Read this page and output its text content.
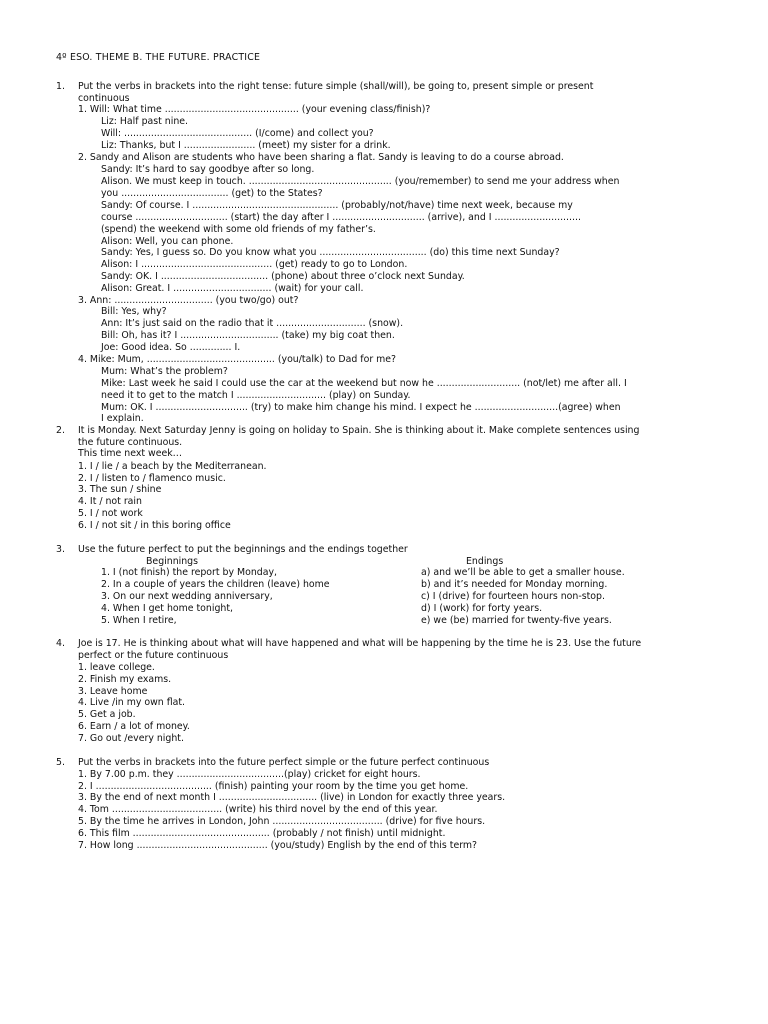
4º ESO. THEME B. THE FUTURE. PRACTICE
1. Put the verbs in brackets into the right tense: future simple (shall/will), be going to, present simple or present
continuous
1. Will: What time ............................................. (your evening class/finish)?
Liz: Half past nine.
Will: ........................................... (I/come) and collect you?
Liz: Thanks, but I ........................ (meet) my sister for a drink.
2. Sandy and Alison are students who have been sharing a flat. Sandy is leaving to do a course abroad.
Sandy: It’s hard to say goodbye after so long.
Alison. We must keep in touch. ................................................ (you/remember) to send me your address when
you .................................... (get) to the States?
Sandy: Of course. I ................................................. (probably/not/have) time next week, because my
course ............................... (start) the day after I ............................... (arrive), and I .............................
(spend) the weekend with some old friends of my father’s.
Alison: Well, you can phone.
Sandy: Yes, I guess so. Do you know what you .................................... (do) this time next Sunday?
Alison: I ............................................ (get) ready to go to London.
Sandy: OK. I .................................... (phone) about three o’clock next Sunday.
Alison: Great. I ................................. (wait) for your call.
3. Ann: ................................. (you two/go) out?
Bill: Yes, why?
Ann: It’s just said on the radio that it .............................. (snow).
Bill: Oh, has it? I ................................. (take) my big coat then.
Joe: Good idea. So .............. I.
4. Mike: Mum, ........................................... (you/talk) to Dad for me?
Mum: What’s the problem?
Mike: Last week he said I could use the car at the weekend but now he ............................ (not/let) me after all. I
need it to get to the match I .............................. (play) on Sunday.
Mum: OK. I ............................... (try) to make him change his mind. I expect he ............................(agree) when
I explain.
2. It is Monday. Next Saturday Jenny is going on holiday to Spain. She is thinking about it. Make complete sentences using
the future continuous.
This time next week…
1. I / lie / a beach by the Mediterranean.
2. I / listen to / flamenco music.
3. The sun / shine
4. It / not rain
5. I / not work
6. I / not sit / in this boring office
3. Use the future perfect to put the beginnings and the endings together
Beginnings
1. I (not finish) the report by Monday,
2. In a couple of years the children (leave) home
3. On our next wedding anniversary,
4. When I get home tonight,
5. When I retire,
Endings
a) and we’ll be able to get a smaller house.
b) and it’s needed for Monday morning.
c) I (drive) for fourteen hours non-stop.
d) I (work) for forty years.
e) we (be) married for twenty-five years.
4. Joe is 17. He is thinking about what will have happened and what will be happening by the time he is 23. Use the future
perfect or the future continuous
1. leave college.
2. Finish my exams.
3. Leave home
4. Live /in my own flat.
5. Get a job.
6. Earn / a lot of money.
7. Go out /every night.
5. Put the verbs in brackets into the future perfect simple or the future perfect continuous
1. By 7.00 p.m. they ....................................(play) cricket for eight hours.
2. I ....................................... (finish) painting your room by the time you get home.
3. By the end of next month I ................................. (live) in London for exactly three years.
4. Tom ..................................... (write) his third novel by the end of this year.
5. By the time he arrives in London, John ..................................... (drive) for five hours.
6. This film .............................................. (probably / not finish) until midnight.
7. How long ............................................ (you/study) English by the end of this term?
